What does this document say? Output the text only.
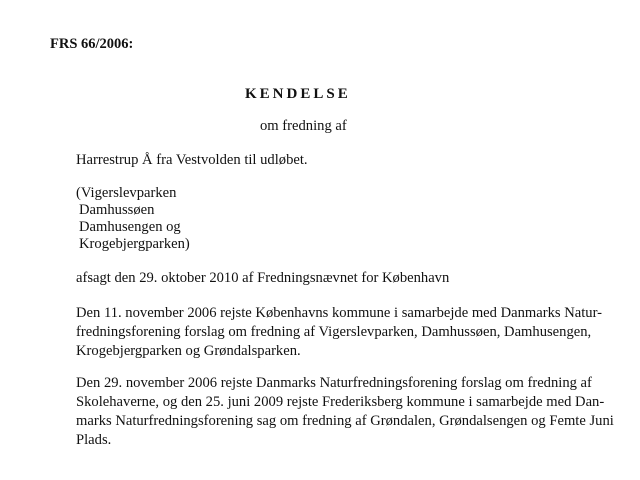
FRS 66/2006:
KENDELSE
om fredning af
Harrestrup Å fra Vestvolden til udløbet.
(Vigerslevparken
Damhussøen
Damhusengen og
Krogebjergparken)
afsagt den 29. oktober 2010 af Fredningsnævnet for København
Den 11. november 2006 rejste Københavns kommune i samarbejde med Danmarks Natur-
fredningsforening forslag om fredning af Vigerslevparken, Damhussøen, Damhusengen,
Krogebjergparken og Grøndalsparken.
Den 29. november 2006 rejste Danmarks Naturfredningsforening forslag om fredning af
Skolehaverne, og den 25. juni 2009 rejste Frederiksberg kommune i samarbejde med Dan-
marks Naturfredningsforening sag om fredning af Grøndalen, Grøndalsengen og Femte Juni
Plads.
